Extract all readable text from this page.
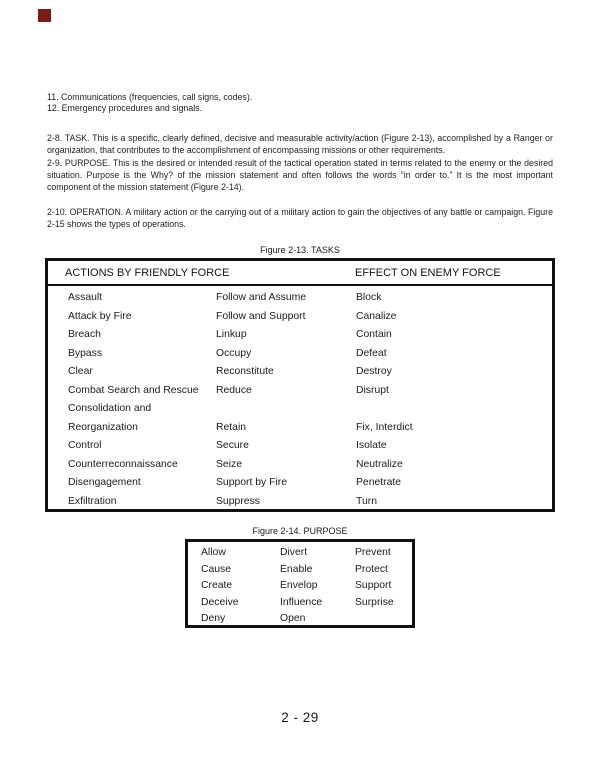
11. Communications (frequencies, call signs, codes).
12. Emergency procedures and signals.

2-8. TASK. This is a specific, clearly defined, decisive and measurable activity/action (Figure 2-13), accomplished by a Ranger or organization, that contributes to the accomplishment of encompassing missions or other requirements.

2-9. PURPOSE. This is the desired or intended result of the tactical operation stated in terms related to the enemy or the desired situation. Purpose is the Why? of the mission statement and often follows the words “in order to.” It is the most important component of the mission statement (Figure 2-14).

2-10. OPERATION. A military action or the carrying out of a military action to gain the objectives of any battle or campaign. Figure 2-15 shows the types of operations.

Figure 2-13. TASKS
ACTIONS BY FRIENDLY FORCE	EFFECT ON ENEMY FORCE
Assault
Attack by Fire
Breach
Bypass
Clear
Combat Search and Rescue
Consolidation and
Reorganization
Control
Counterreconnaissance
Disengagement
Exfiltration
Follow and Assume
Follow and Support
Linkup
Occupy
Reconstitute
Reduce

Retain
Secure
Seize
Support by Fire
Suppress
Block
Canalize
Contain
Defeat
Destroy
Disrupt

Fix, Interdict
Isolate
Neutralize
Penetrate
Turn
Figure 2-14. PURPOSE
Allow
Cause
Create
Deceive
Deny
Divert
Enable
Envelop
Influence
Open
Prevent
Protect
Support
Surprise
2 - 29
